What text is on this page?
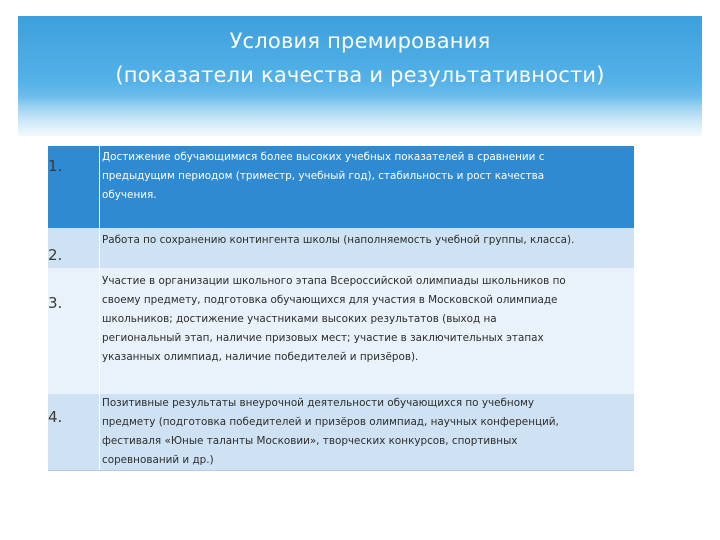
Условия премирования
(показатели качества и результативности)
1.	Достижение обучающимися более высоких учебных показателей в сравнении с
предыдущим периодом (триместр, учебный год), стабильность и рост качества
обучения.
2.
Работа по сохранению контингента школы (наполняемость учебной группы, класса).
3.
Участие в организации школьного этапа Всероссийской олимпиады школьников по
своему предмету, подготовка обучающихся для участия в Московской олимпиаде
школьников; достижение участниками высоких результатов (выход на
региональный этап, наличие призовых мест; участие в заключительных этапах
указанных олимпиад, наличие победителей и призёров).
4.
Позитивные результаты внеурочной деятельности обучающихся по учебному
предмету (подготовка победителей и призёров олимпиад, научных конференций,
фестиваля «Юные таланты Московии», творческих конкурсов, спортивных
соревнований и др.)
